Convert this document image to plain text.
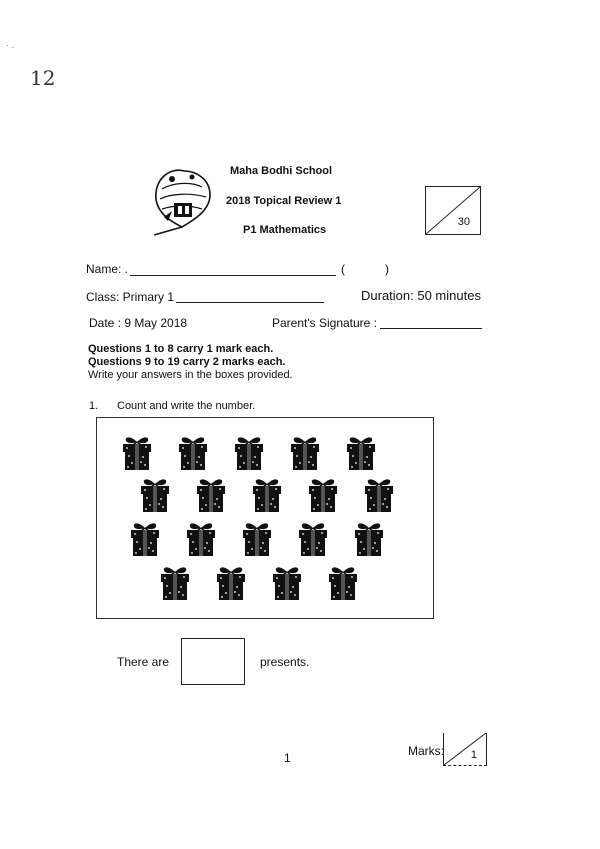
· .
12
Maha Bodhi School
2018 Topical Review 1
P1 Mathematics
30
Name: .	(	)
Class: Primary 1	Duration: 50 minutes
Date : 9 May 2018	Parent's Signature :
Questions 1 to 8 carry 1 mark each.
Questions 9 to 19 carry 2 marks each.
Write your answers in the boxes provided.
1. Count and write the number.
There are	presents.
1	Marks: 1
